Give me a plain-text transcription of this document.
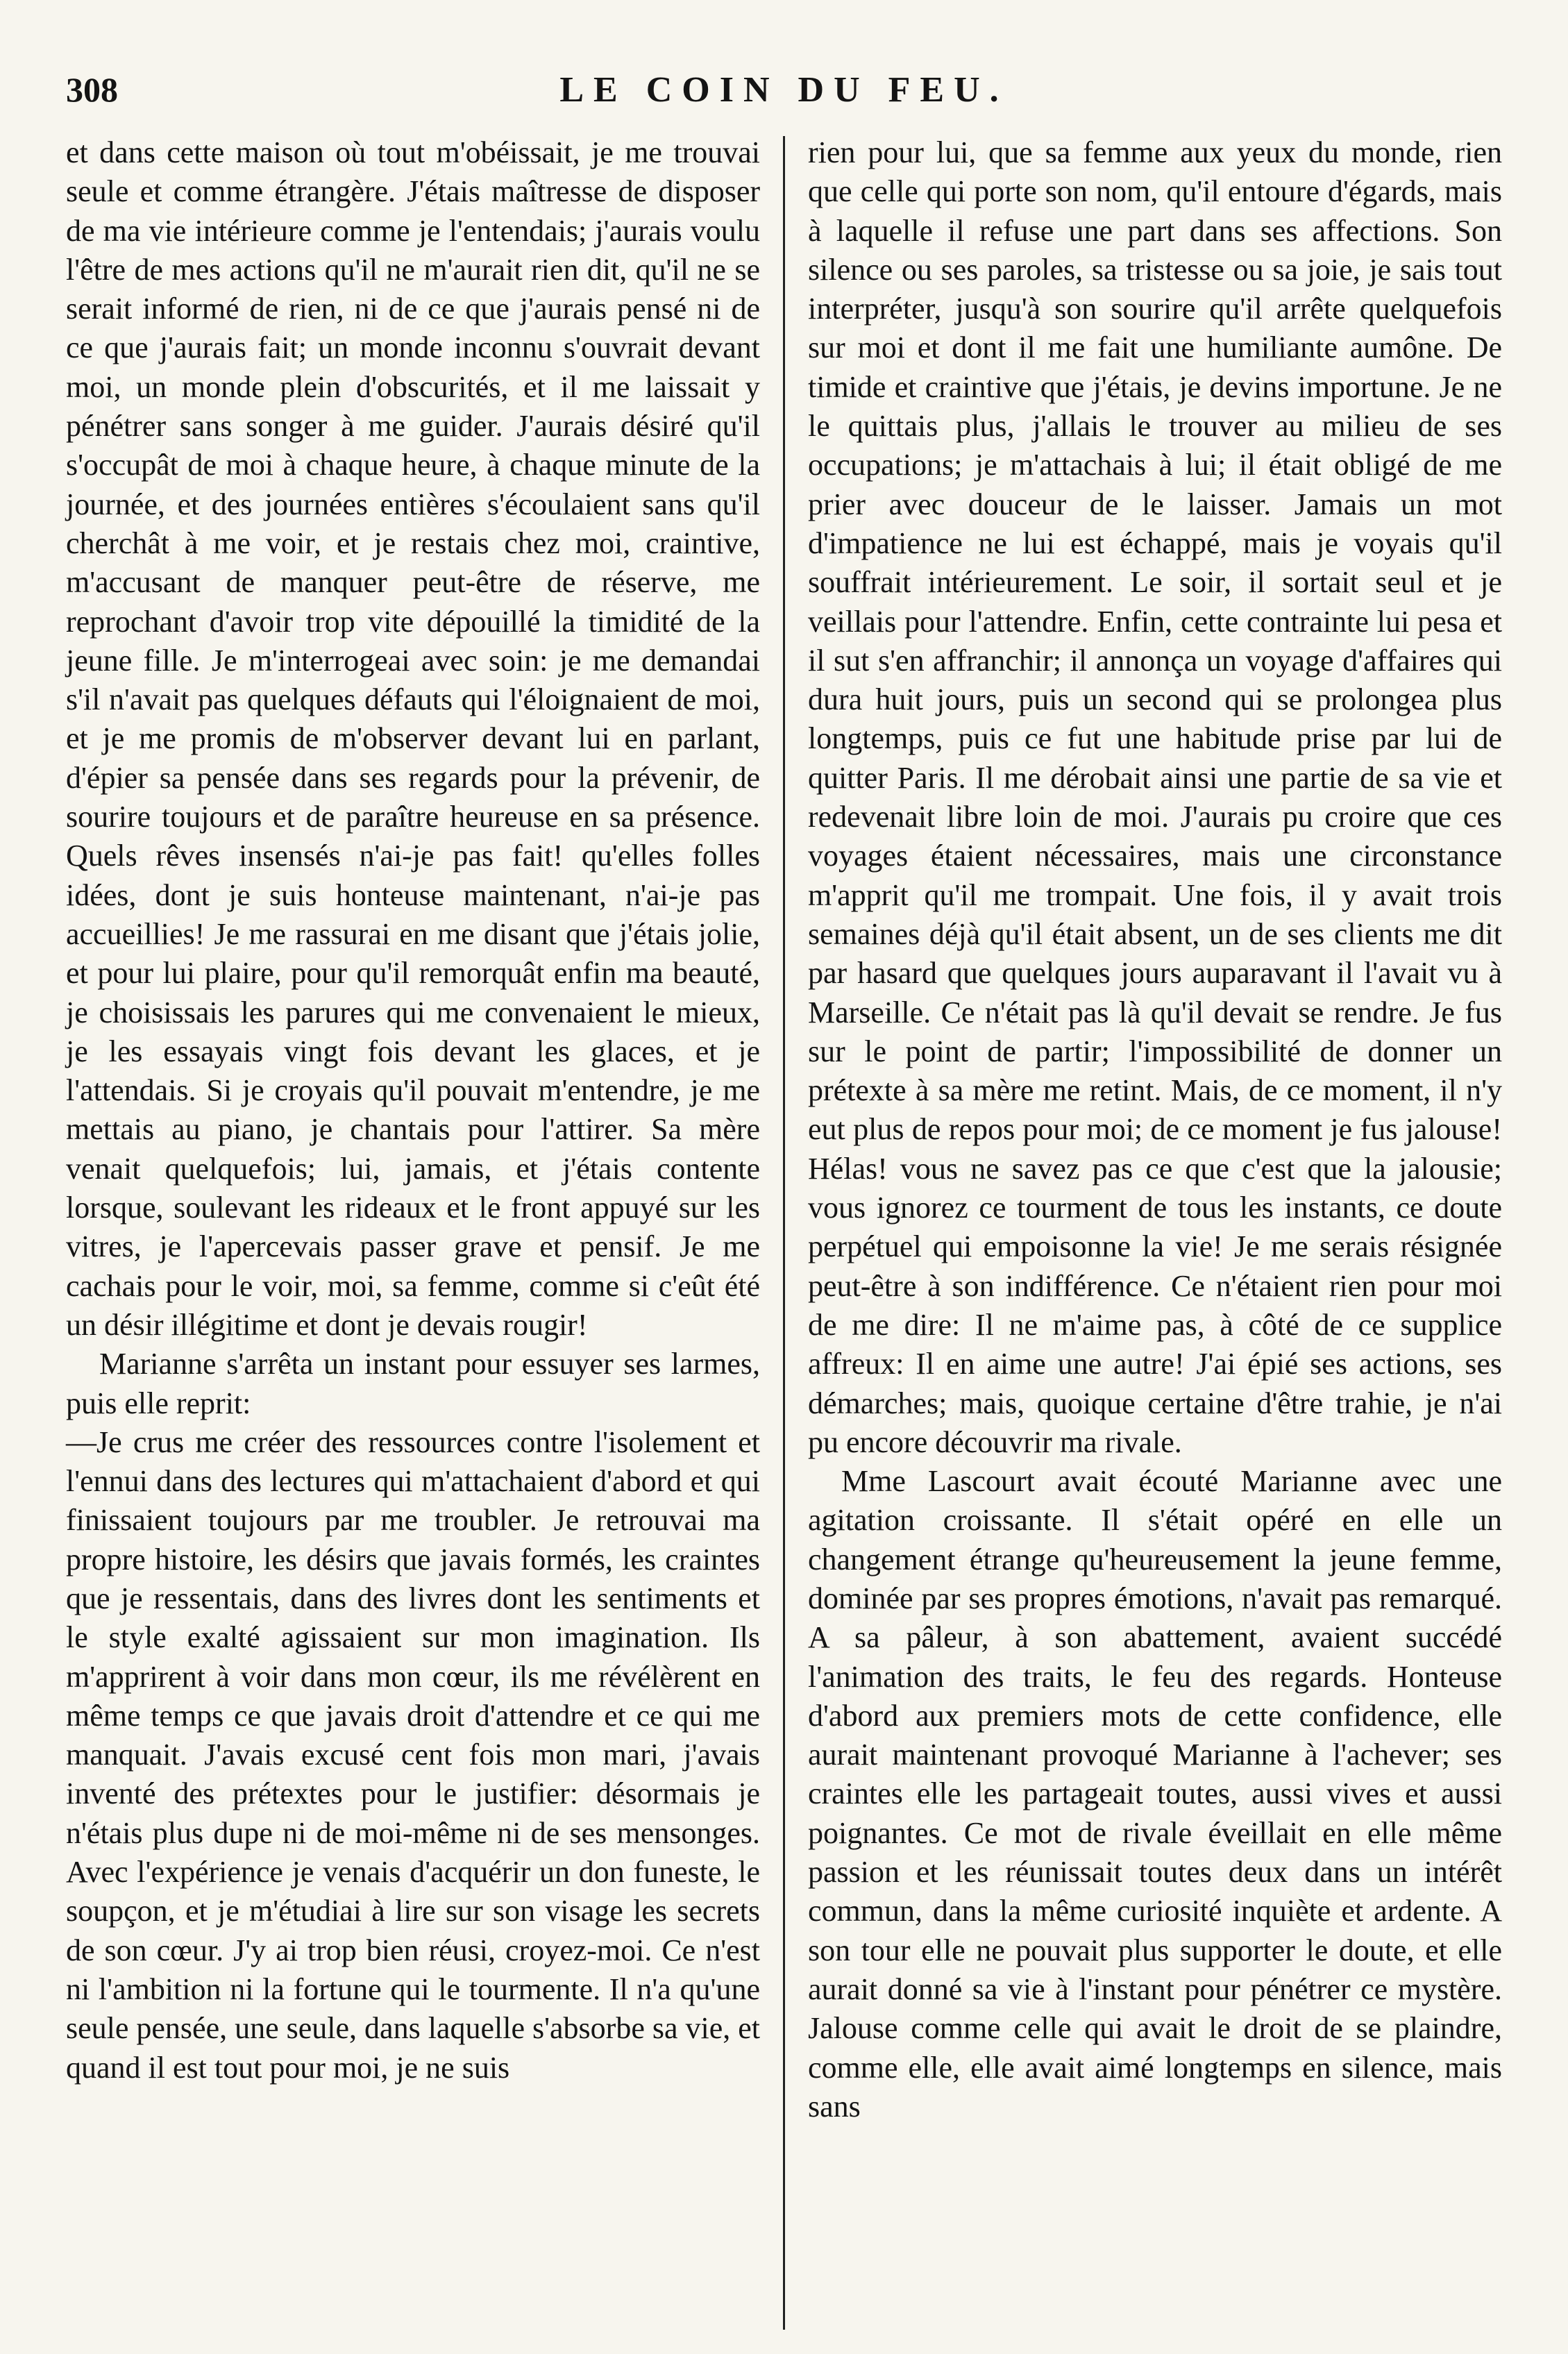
308	LE COIN DU FEU.

et dans cette maison où tout m'obéissait, je me trouvai seule et comme étrangère. J'étais maîtresse de disposer de ma vie intérieure comme je l'entendais; j'aurais voulu l'être de mes actions qu'il ne m'aurait rien dit, qu'il ne se serait informé de rien, ni de ce que j'aurais pensé ni de ce que j'aurais fait; un monde inconnu s'ouvrait devant moi, un monde plein d'obscurités, et il me laissait y pénétrer sans songer à me guider. J'aurais désiré qu'il s'occupât de moi à chaque heure, à chaque minute de la journée, et des journées entières s'écoulaient sans qu'il cherchât à me voir, et je restais chez moi, craintive, m'accusant de manquer peut-être de réserve, me reprochant d'avoir trop vite dépouillé la timidité de la jeune fille. Je m'interrogeai avec soin: je me demandai s'il n'avait pas quelques défauts qui l'éloignaient de moi, et je me promis de m'observer devant lui en parlant, d'épier sa pensée dans ses regards pour la prévenir, de sourire toujours et de paraître heureuse en sa présence. Quels rêves insensés n'ai-je pas fait! qu'elles folles idées, dont je suis honteuse maintenant, n'ai-je pas accueillies! Je me rassurai en me disant que j'étais jolie, et pour lui plaire, pour qu'il remorquât enfin ma beauté, je choisissais les parures qui me convenaient le mieux, je les essayais vingt fois devant les glaces, et je l'attendais. Si je croyais qu'il pouvait m'entendre, je me mettais au piano, je chantais pour l'attirer. Sa mère venait quelquefois; lui, jamais, et j'étais contente lorsque, soulevant les rideaux et le front appuyé sur les vitres, je l'apercevais passer grave et pensif. Je me cachais pour le voir, moi, sa femme, comme si c'eût été un désir illégitime et dont je devais rougir!

Marianne s'arrêta un instant pour essuyer ses larmes, puis elle reprit:

—Je crus me créer des ressources contre l'isolement et l'ennui dans des lectures qui m'attachaient d'abord et qui finissaient toujours par me troubler. Je retrouvai ma propre histoire, les désirs que javais formés, les craintes que je ressentais, dans des livres dont les sentiments et le style exalté agissaient sur mon imagination. Ils m'apprirent à voir dans mon cœur, ils me révélèrent en même temps ce que javais droit d'attendre et ce qui me manquait. J'avais excusé cent fois mon mari, j'avais inventé des prétextes pour le justifier: désormais je n'étais plus dupe ni de moi-même ni de ses mensonges. Avec l'expérience je venais d'acquérir un don funeste, le soupçon, et je m'étudiai à lire sur son visage les secrets de son cœur. J'y ai trop bien réusi, croyez-moi. Ce n'est ni l'ambition ni la fortune qui le tourmente. Il n'a qu'une seule pensée, une seule, dans laquelle s'absorbe sa vie, et quand il est tout pour moi, je ne suis

rien pour lui, que sa femme aux yeux du monde, rien que celle qui porte son nom, qu'il entoure d'égards, mais à laquelle il refuse une part dans ses affections. Son silence ou ses paroles, sa tristesse ou sa joie, je sais tout interpréter, jusqu'à son sourire qu'il arrête quelquefois sur moi et dont il me fait une humiliante aumône. De timide et craintive que j'étais, je devins importune. Je ne le quittais plus, j'allais le trouver au milieu de ses occupations; je m'attachais à lui; il était obligé de me prier avec douceur de le laisser. Jamais un mot d'impatience ne lui est échappé, mais je voyais qu'il souffrait intérieurement. Le soir, il sortait seul et je veillais pour l'attendre. Enfin, cette contrainte lui pesa et il sut s'en affranchir; il annonça un voyage d'affaires qui dura huit jours, puis un second qui se prolongea plus longtemps, puis ce fut une habitude prise par lui de quitter Paris. Il me dérobait ainsi une partie de sa vie et redevenait libre loin de moi. J'aurais pu croire que ces voyages étaient nécessaires, mais une circonstance m'apprit qu'il me trompait. Une fois, il y avait trois semaines déjà qu'il était absent, un de ses clients me dit par hasard que quelques jours auparavant il l'avait vu à Marseille. Ce n'était pas là qu'il devait se rendre. Je fus sur le point de partir; l'impossibilité de donner un prétexte à sa mère me retint. Mais, de ce moment, il n'y eut plus de repos pour moi; de ce moment je fus jalouse! Hélas! vous ne savez pas ce que c'est que la jalousie; vous ignorez ce tourment de tous les instants, ce doute perpétuel qui empoisonne la vie! Je me serais résignée peut-être à son indifférence. Ce n'étaient rien pour moi de me dire: Il ne m'aime pas, à côté de ce supplice affreux: Il en aime une autre! J'ai épié ses actions, ses démarches; mais, quoique certaine d'être trahie, je n'ai pu encore découvrir ma rivale.

Mme Lascourt avait écouté Marianne avec une agitation croissante. Il s'était opéré en elle un changement étrange qu'heureusement la jeune femme, dominée par ses propres émotions, n'avait pas remarqué. A sa pâleur, à son abattement, avaient succédé l'animation des traits, le feu des regards. Honteuse d'abord aux premiers mots de cette confidence, elle aurait maintenant provoqué Marianne à l'achever; ses craintes elle les partageait toutes, aussi vives et aussi poignantes. Ce mot de rivale éveillait en elle même passion et les réunissait toutes deux dans un intérêt commun, dans la même curiosité inquiète et ardente. A son tour elle ne pouvait plus supporter le doute, et elle aurait donné sa vie à l'instant pour pénétrer ce mystère. Jalouse comme celle qui avait le droit de se plaindre, comme elle, elle avait aimé longtemps en silence, mais sans
